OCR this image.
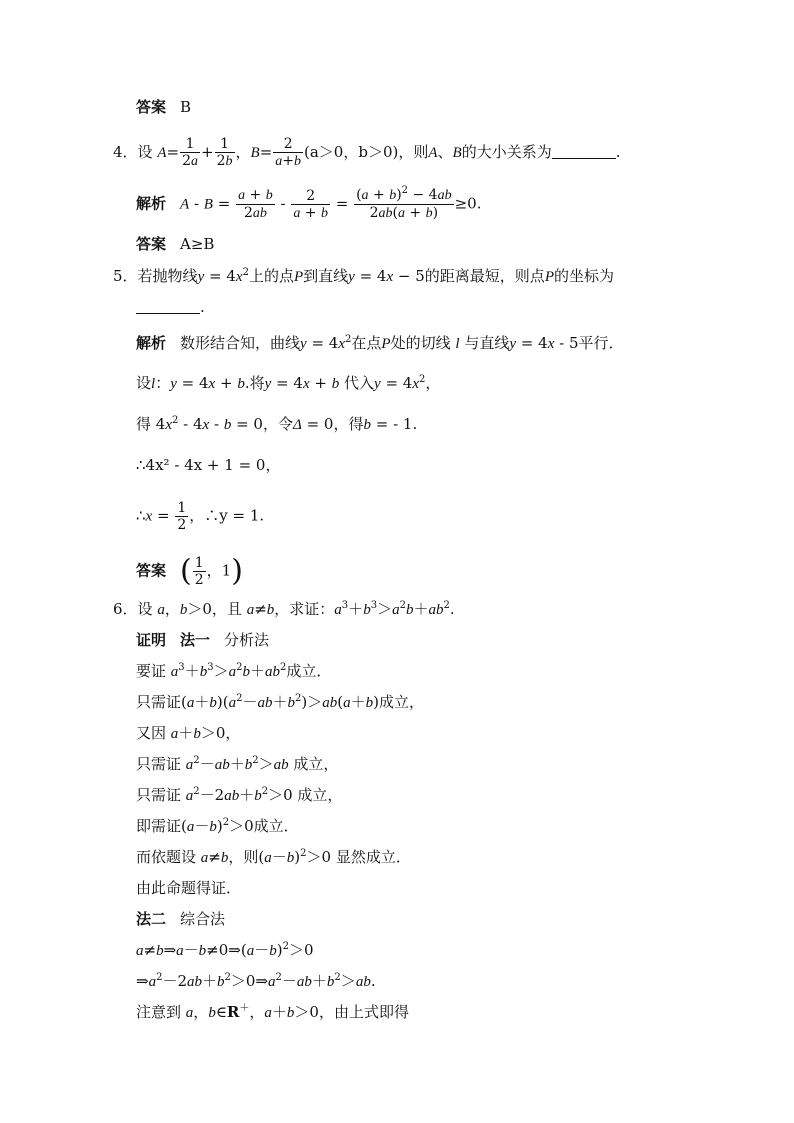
答案 B
4．设 $A= \frac{1}{2a} + \frac{1}{2b}$ ，$B= \frac{2}{a+b} (a>0$，b＞0)，则A、B的大小关系为	.
解析 $A - B = \frac{a + b}{2ab} - \frac{2}{a + b} = \frac{(a + b)^2 - 4ab}{2ab(a + b)} \ge 0$.
答案 A≥B
5．若抛物线$y = 4x^2$上的点P到直线y = 4x − 5的距离最短，则点P的坐标为
.
解析 数形结合知，曲线$y = 4x^2$在点P处的切线 l 与直线y = 4x - 5平行．
设l：y = 4x + b.将y = 4x + b 代入$y = 4x^2$，
得 $4x^2 - 4x - b = 0$，令Δ = 0，得b = - 1.
∴4x² - 4x + 1 = 0，
∴x = $\frac{1}{2}$ ，∴y = 1.
答案 ( $\frac{1}{2}$ ，1)
6．设 a，b＞0，且 a≠b，求证：$a^3+b^3>a^2b+ab^2$.
证明 法一 分析法
要证 $a^3+b^3>a^2b+ab^2$成立．
只需证$(a+b)(a^2-ab+b^2)>ab(a+b)$成立，
又因 a＋b＞0，
只需证 $a^2-ab+b^2>ab$ 成立，
只需证 $a^2-2ab+b^2>0$ 成立，
即需证$(a-b)^2>0$成立．
而依题设 a≠b，则$(a-b)^2>0$ 显然成立．
由此命题得证．
法二 综合法
$a\ne b\Rightarrow a-b\ne 0\Rightarrow(a-b)^2>0$
$\Rightarrow a^2-2ab+b^2>0\Rightarrow a^2-ab+b^2>ab$.
注意到 a，b∈R＋，a＋b＞0，由上式即得
